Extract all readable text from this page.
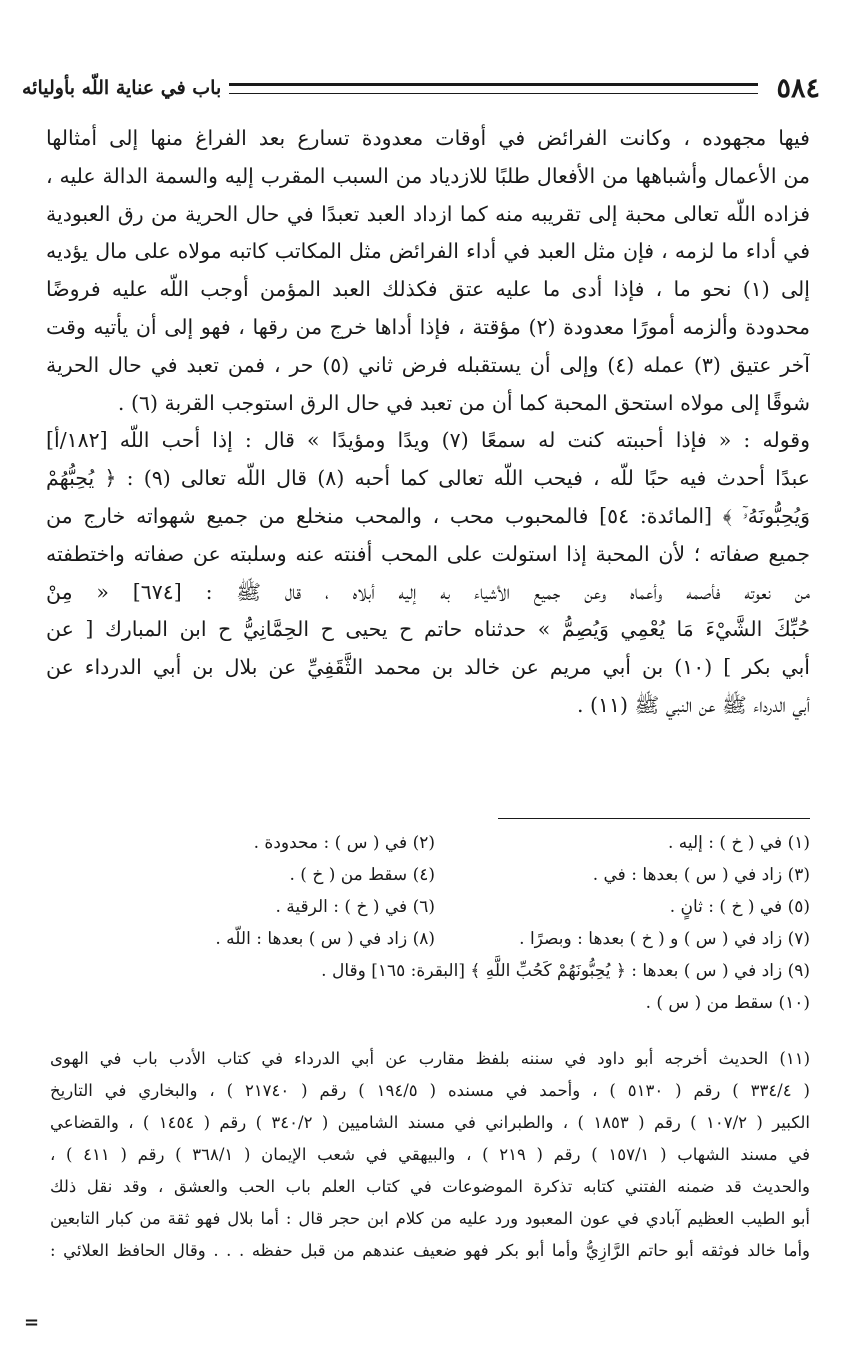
٥٨٤
باب في عناية اللّه بأوليائه
فيها مجهوده ، وكانت الفرائض في أوقات معدودة تسارع بعد الفراغ منها إلى أمثالها
من الأعمال وأشباهها من الأفعال طلبًا للازدياد من السبب المقرب إليه والسمة الدالة عليه ،
فزاده اللّه تعالى محبة إلى تقريبه منه كما ازداد العبد تعبدًا في حال الحرية من رق العبودية
في أداء ما لزمه ، فإن مثل العبد في أداء الفرائض مثل المكاتب كاتبه مولاه على مال يؤديه
إلى (١) نحو ما ، فإذا أدى ما عليه عتق فكذلك العبد المؤمن أوجب اللّه عليه فروضًا
محدودة وألزمه أمورًا معدودة (٢) مؤقتة ، فإذا أداها خرج من رقها ، فهو إلى أن يأتيه وقت
آخر عتيق (٣) عمله (٤) وإلى أن يستقبله فرض ثاني (٥) حر ، فمن تعبد في حال الحرية
شوقًا إلى مولاه استحق المحبة كما أن من تعبد في حال الرق استوجب القربة (٦) .
وقوله : « فإذا أحببته كنت له سمعًا (٧) ويدًا ومؤيدًا » قال : إذا أحب اللّه [١٨٢/أ]
عبدًا أحدث فيه حبًا للّه ، فيحب اللّه تعالى كما أحبه (٨) قال اللّه تعالى (٩) : ﴿ يُحِبُّهُمْ
وَيُحِبُّونَهُۥٓ ﴾ [المائدة: ٥٤] فالمحبوب محب ، والمحب منخلع من جميع شهواته خارج من
جميع صفاته ؛ لأن المحبة إذا استولت على المحب أفنته عنه وسلبته عن صفاته واختطفته
من نعوته فأصمه وأعماه وعن جميع الأشياء به إليه أبلاه ، قال ﷺ : [٦٧٤] « مِنْ
حُبِّكَ الشَّيْءَ مَا يُعْمِي وَيُصِمُّ » حدثناه حاتم ح يحيى ح الحِمَّانِيُّ ح ابن المبارك [ عن
أبي بكر ] (١٠) بن أبي مريم عن خالد بن محمد الثَّقَفِيِّ عن بلال بن أبي الدرداء عن
أبي الدرداء ﷺ عن النبي ﷺ (١١) .
(١) في ( خ ) : إليه .
(٢) في ( س ) : محدودة .
(٣) زاد في ( س ) بعدها : في .
(٤) سقط من ( خ ) .
(٥) في ( خ ) : ثانٍ .
(٦) في ( خ ) : الرقية .
(٧) زاد في ( س ) و ( خ ) بعدها : وبصرًا .
(٨) زاد في ( س ) بعدها : اللّه .
(٩) زاد في ( س ) بعدها : ﴿ يُحِبُّونَهُمْ كَحُبِّ اللَّهِ ﴾ [البقرة: ١٦٥] وقال .
(١٠) سقط من ( س ) .
(١١) الحديث أخرجه أبو داود في سننه بلفظ مقارب عن أبي الدرداء في كتاب الأدب باب في الهوى
( ٣٣٤/٤ ) رقم ( ٥١٣٠ ) ، وأحمد في مسنده ( ١٩٤/٥ ) رقم ( ٢١٧٤٠ ) ، والبخاري في التاريخ
الكبير ( ١٠٧/٢ ) رقم ( ١٨٥٣ ) ، والطبراني في مسند الشاميين ( ٣٤٠/٢ ) رقم ( ١٤٥٤ ) ، والقضاعي
في مسند الشهاب ( ١٥٧/١ ) رقم ( ٢١٩ ) ، والبيهقي في شعب الإيمان ( ٣٦٨/١ ) رقم ( ٤١١ ) ،
والحديث قد ضمنه الفتني كتابه تذكرة الموضوعات في كتاب العلم باب الحب والعشق ، وقد نقل ذلك
أبو الطيب العظيم آبادي في عون المعبود ورد عليه من كلام ابن حجر قال : أما بلال فهو ثقة من كبار التابعين
وأما خالد فوثقه أبو حاتم الرَّازِيُّ وأما أبو بكر فهو ضعيف عندهم من قبل حفظه . . . وقال الحافظ العلائي :
=
